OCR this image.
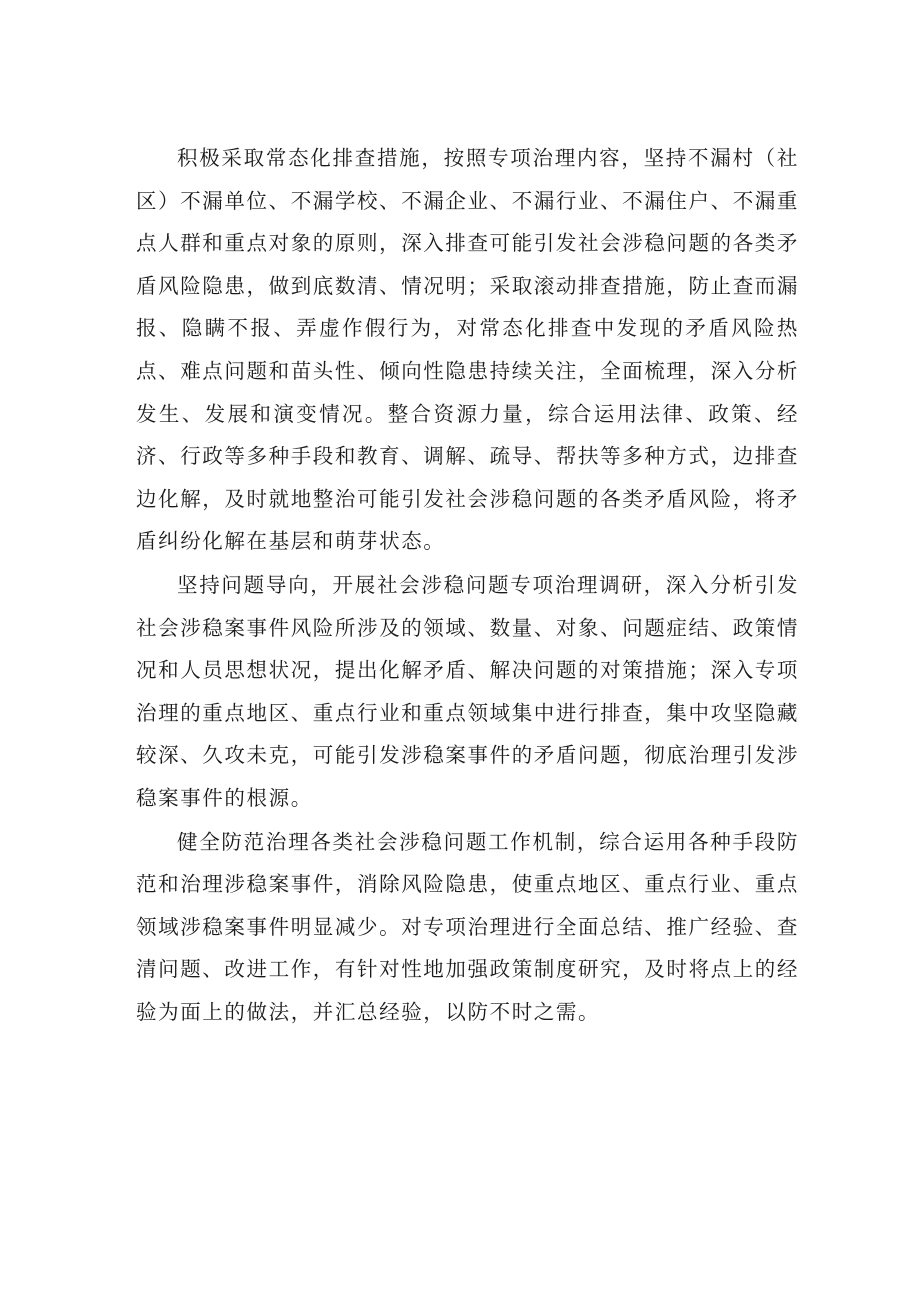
积极采取常态化排查措施，按照专项治理内容，坚持不漏村（社区）不漏单位、不漏学校、不漏企业、不漏行业、不漏住户、不漏重点人群和重点对象的原则，深入排查可能引发社会涉稳问题的各类矛盾风险隐患，做到底数清、情况明；采取滚动排查措施，防止查而漏报、隐瞒不报、弄虚作假行为，对常态化排查中发现的矛盾风险热点、难点问题和苗头性、倾向性隐患持续关注，全面梳理，深入分析发生、发展和演变情况。整合资源力量，综合运用法律、政策、经济、行政等多种手段和教育、调解、疏导、帮扶等多种方式，边排查边化解，及时就地整治可能引发社会涉稳问题的各类矛盾风险，将矛盾纠纷化解在基层和萌芽状态。

坚持问题导向，开展社会涉稳问题专项治理调研，深入分析引发社会涉稳案事件风险所涉及的领域、数量、对象、问题症结、政策情况和人员思想状况，提出化解矛盾、解决问题的对策措施；深入专项治理的重点地区、重点行业和重点领域集中进行排查，集中攻坚隐藏较深、久攻未克，可能引发涉稳案事件的矛盾问题，彻底治理引发涉稳案事件的根源。

健全防范治理各类社会涉稳问题工作机制，综合运用各种手段防范和治理涉稳案事件，消除风险隐患，使重点地区、重点行业、重点领域涉稳案事件明显减少。对专项治理进行全面总结、推广经验、查清问题、改进工作，有针对性地加强政策制度研究，及时将点上的经验为面上的做法，并汇总经验，以防不时之需。
